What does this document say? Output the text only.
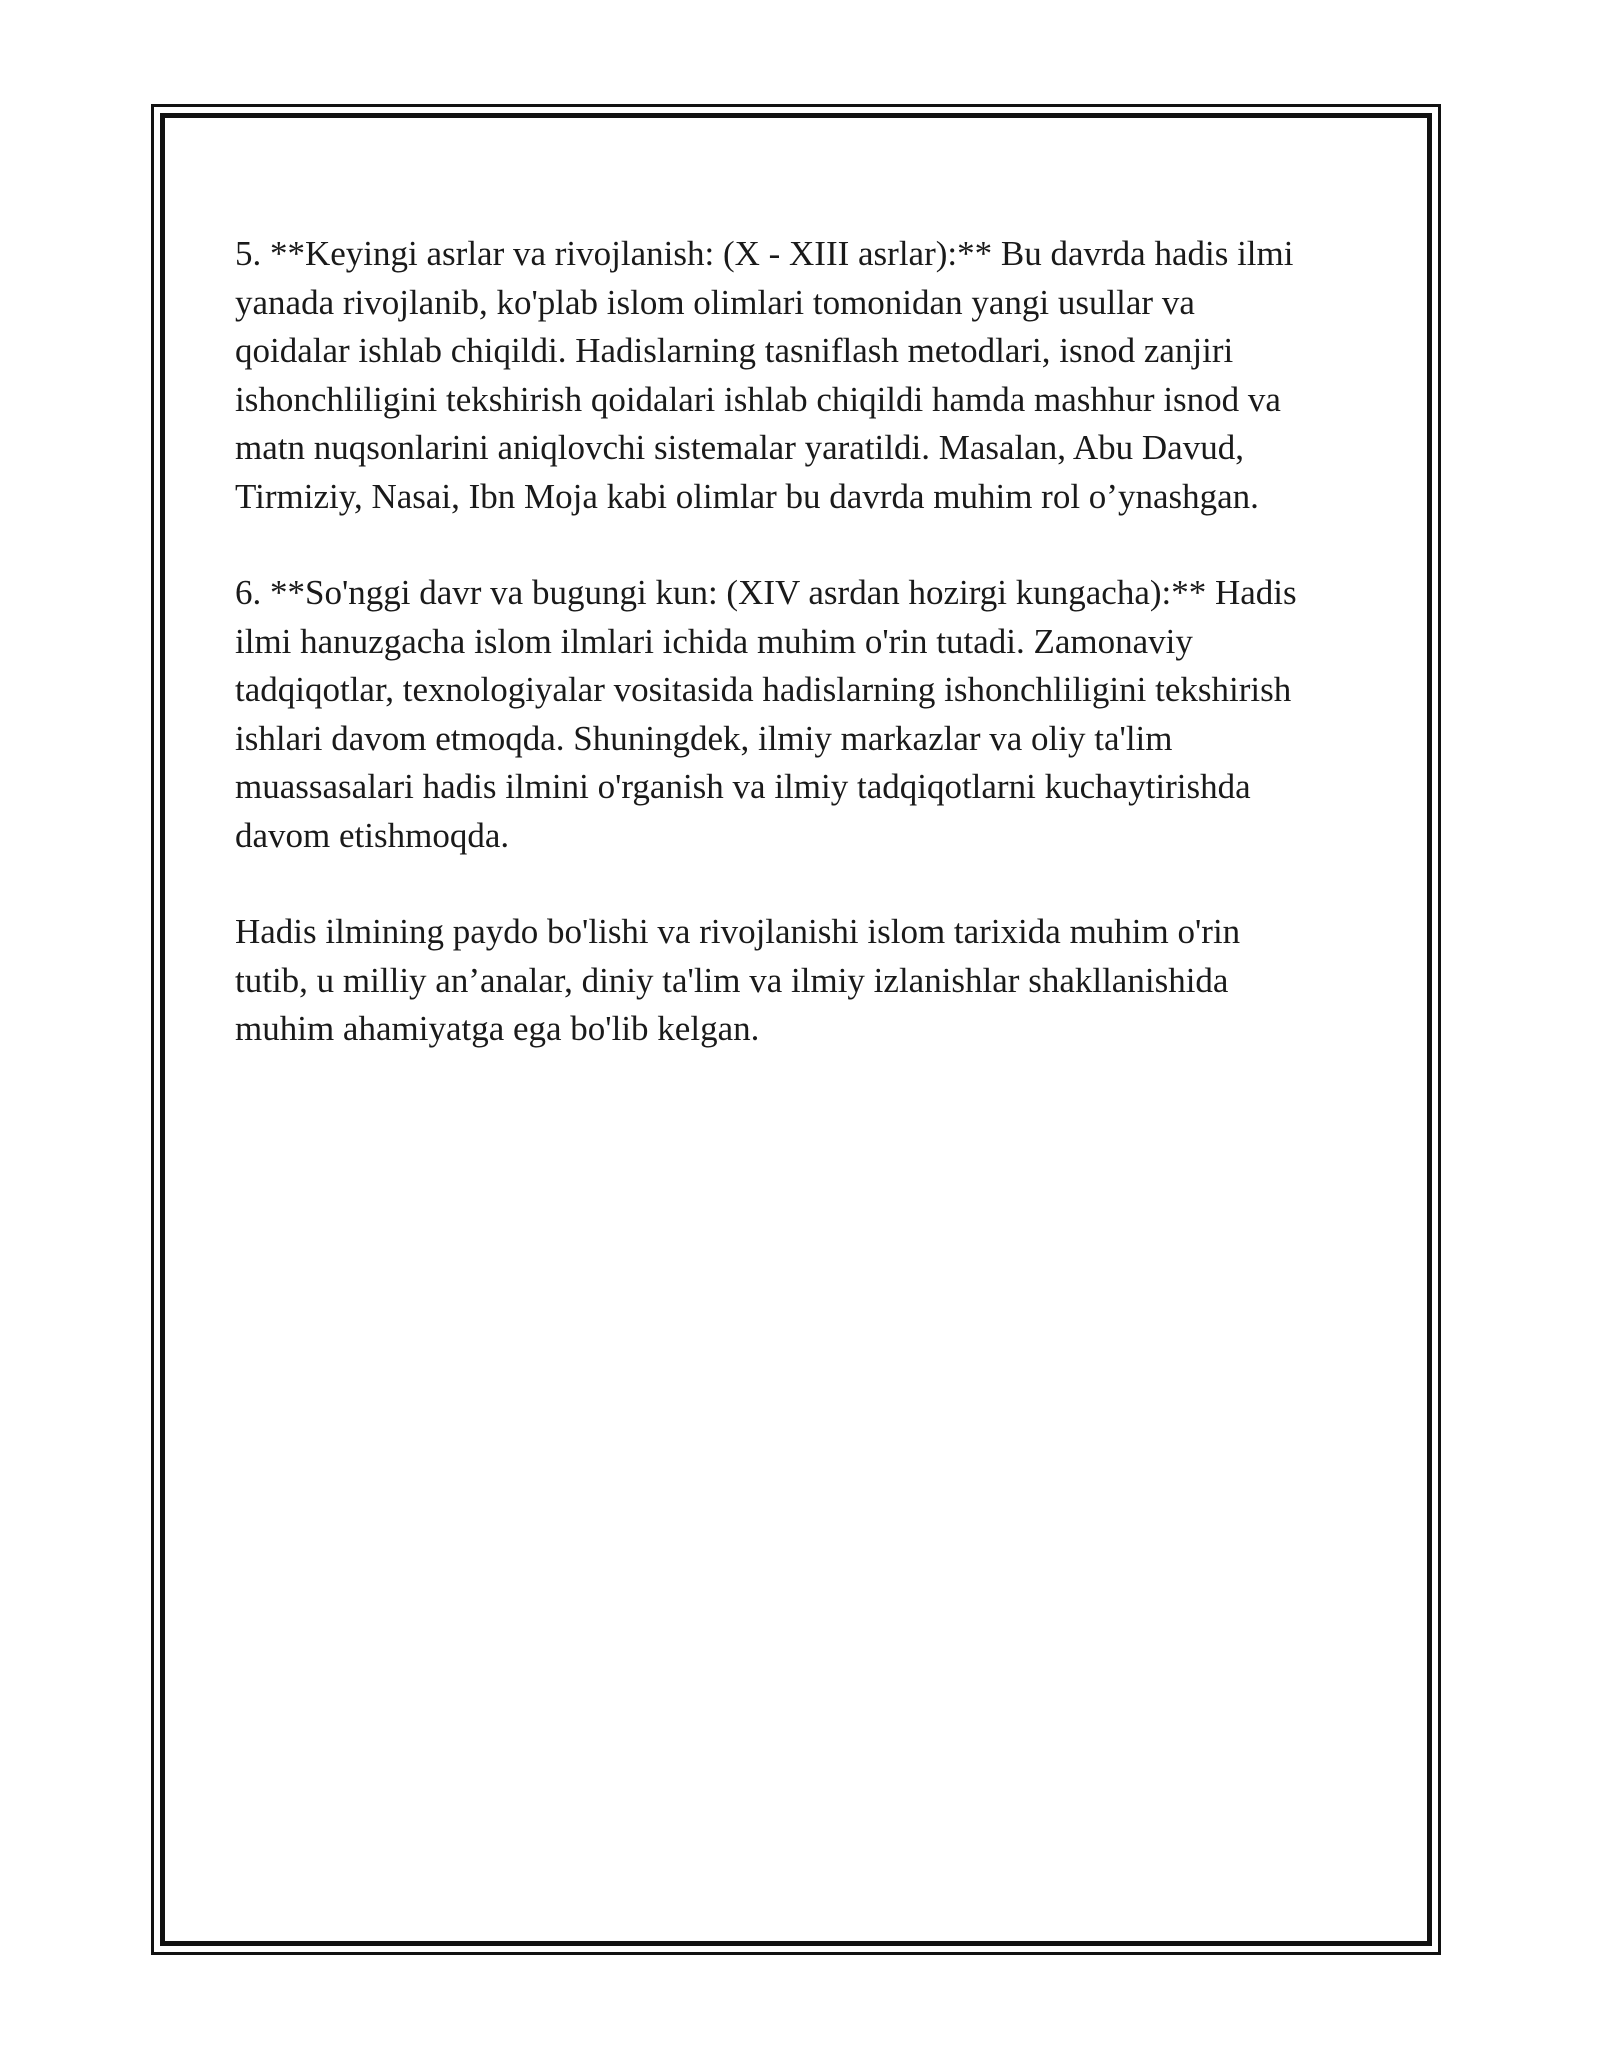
5. **Keyingi asrlar va rivojlanish: (X - XIII asrlar):** Bu davrda hadis ilmi
yanada rivojlanib, ko'plab islom olimlari tomonidan yangi usullar va
qoidalar ishlab chiqildi. Hadislarning tasniflash metodlari, isnod zanjiri
ishonchliligini tekshirish qoidalari ishlab chiqildi hamda mashhur isnod va
matn nuqsonlarini aniqlovchi sistemalar yaratildi. Masalan, Abu Davud,
Tirmiziy, Nasai, Ibn Moja kabi olimlar bu davrda muhim rol o’ynashgan.

6. **So'nggi davr va bugungi kun: (XIV asrdan hozirgi kungacha):** Hadis
ilmi hanuzgacha islom ilmlari ichida muhim o'rin tutadi. Zamonaviy
tadqiqotlar, texnologiyalar vositasida hadislarning ishonchliligini tekshirish
ishlari davom etmoqda. Shuningdek, ilmiy markazlar va oliy ta'lim
muassasalari hadis ilmini o'rganish va ilmiy tadqiqotlarni kuchaytirishda
davom etishmoqda.

Hadis ilmining paydo bo'lishi va rivojlanishi islom tarixida muhim o'rin
tutib, u milliy an’analar, diniy ta'lim va ilmiy izlanishlar shakllanishida
muhim ahamiyatga ega bo'lib kelgan.
